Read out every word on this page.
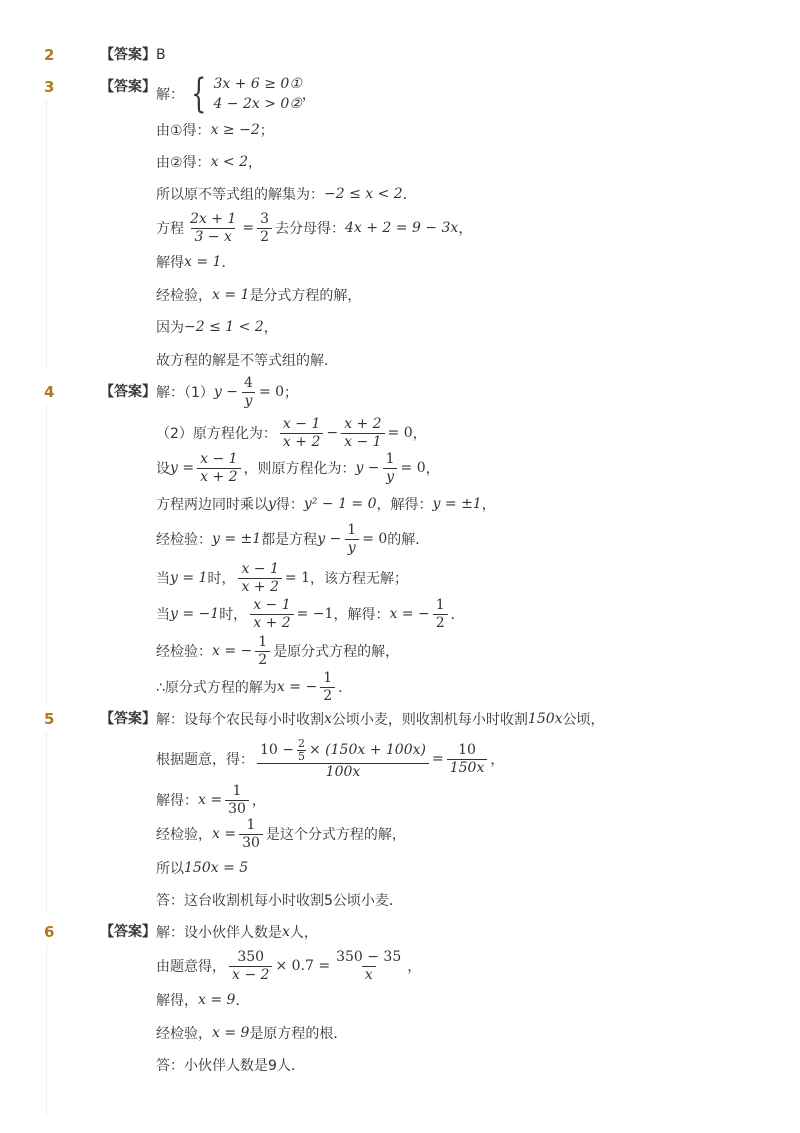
2	【答案】B
3	【答案】 解： { 3x + 6 ≥ 0①
4 − 2x > 0②
，
由①得： x ≥ −2 ；
由②得： x < 2 ，
所以原不等式组的解集为： −2 ≤ x < 2 ．
方程 $\frac{2x + 1}{3 - x} = \frac{3}{2}$ 去分母得： 4x + 2 = 9 − 3x ，
解得 x = 1 ．
经检验， x = 1 是分式方程的解，
因为 −2 ≤ 1 < 2 ，
故方程的解是不等式组的解．
4	【答案】 解：（1） $y - \frac{4}{y} = 0$ ；
（2）原方程化为： $\frac{x - 1}{x + 2} - \frac{x + 2}{x - 1} = 0$ ，
设 $y = \frac{x - 1}{x + 2}$ ，则原方程化为： $y - \frac{1}{y} = 0$ ，
方程两边同时乘以 y 得： y² − 1 = 0 ，解得： y = ±1 ，
经检验： y = ±1 都是方程 $y - \frac{1}{y} = 0$ 的解．
当 y = 1 时， $\frac{x - 1}{x + 2} = 1$ ，该方程无解；
当 y = −1 时， $\frac{x - 1}{x + 2} = -1$ ，解得： x = − $\frac{1}{2}$ ．
经检验： x = − $\frac{1}{2}$ 是原分式方程的解，
∴原分式方程的解为 x = − $\frac{1}{2}$ ．
5	【答案】 解：设每个农民每小时收割 x 公顷小麦，则收割机每小时收割 150x 公顷，
根据题意，得： $\frac{10 - \frac{2}{5} \times (150x + 100x)}{100x} = \frac{10}{150x}$ ，
解得： $x = \frac{1}{30}$ ，
经检验， $x = \frac{1}{30}$ 是这个分式方程的解，
所以 150x = 5
答：这台收割机每小时收割5公顷小麦．
6	【答案】 解：设小伙伴人数是 x 人，
由题意得， $\frac{350}{x - 2} \times 0.7 = \frac{350 - 35}{x}$ ，
解得， x = 9 ．
经检验， x = 9 是原方程的根．
答：小伙伴人数是9人．
